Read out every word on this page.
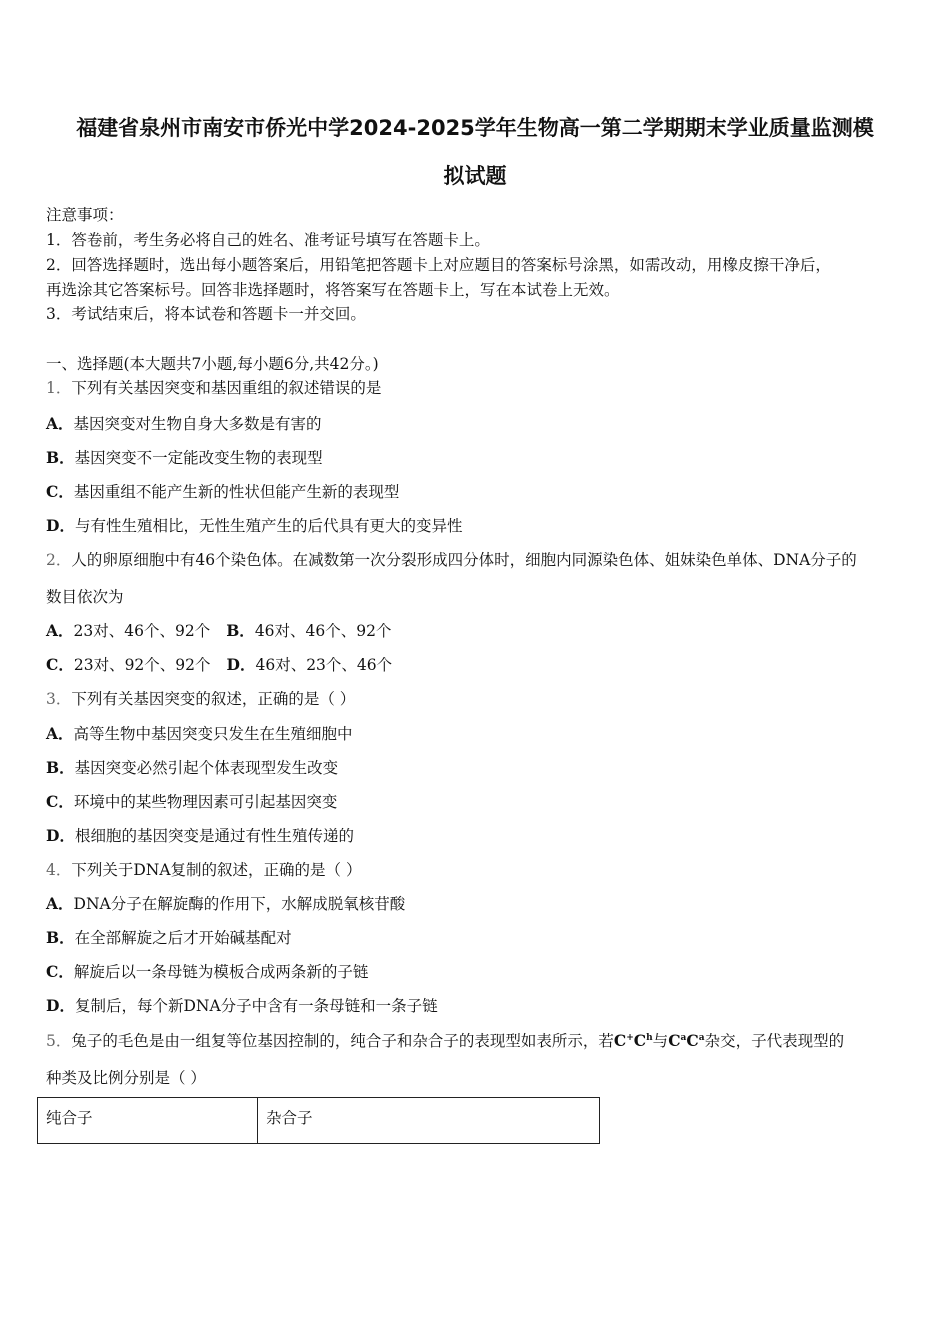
福建省泉州市南安市侨光中学2024-2025学年生物高一第二学期期末学业质量监测模
拟试题
注意事项：
1．答卷前，考生务必将自己的姓名、准考证号填写在答题卡上。
2．回答选择题时，选出每小题答案后，用铅笔把答题卡上对应题目的答案标号涂黑，如需改动，用橡皮擦干净后，
再选涂其它答案标号。回答非选择题时，将答案写在答题卡上，写在本试卷上无效。
3．考试结束后，将本试卷和答题卡一并交回。
一、选择题(本大题共7小题,每小题6分,共42分。)
1．下列有关基因突变和基因重组的叙述错误的是
A．基因突变对生物自身大多数是有害的
B．基因突变不一定能改变生物的表现型
C．基因重组不能产生新的性状但能产生新的表现型
D．与有性生殖相比，无性生殖产生的后代具有更大的变异性
2．人的卵原细胞中有46个染色体。在减数第一次分裂形成四分体时，细胞内同源染色体、姐妹染色单体、DNA分子的
数目依次为
A．23对、46个、92个 B．46对、46个、92个
C．23对、92个、92个 D．46对、23个、46个
3．下列有关基因突变的叙述，正确的是（ ）
A．高等生物中基因突变只发生在生殖细胞中
B．基因突变必然引起个体表现型发生改变
C．环境中的某些物理因素可引起基因突变
D．根细胞的基因突变是通过有性生殖传递的
4．下列关于DNA复制的叙述，正确的是（ ）
A．DNA分子在解旋酶的作用下，水解成脱氧核苷酸
B．在全部解旋之后才开始碱基配对
C．解旋后以一条母链为模板合成两条新的子链
D．复制后，每个新DNA分子中含有一条母链和一条子链
5．兔子的毛色是由一组复等位基因控制的，纯合子和杂合子的表现型如表所示，若$C^+C^h$与$C^aC^a$杂交，子代表现型的
种类及比例分别是（ ）
纯合子	杂合子
